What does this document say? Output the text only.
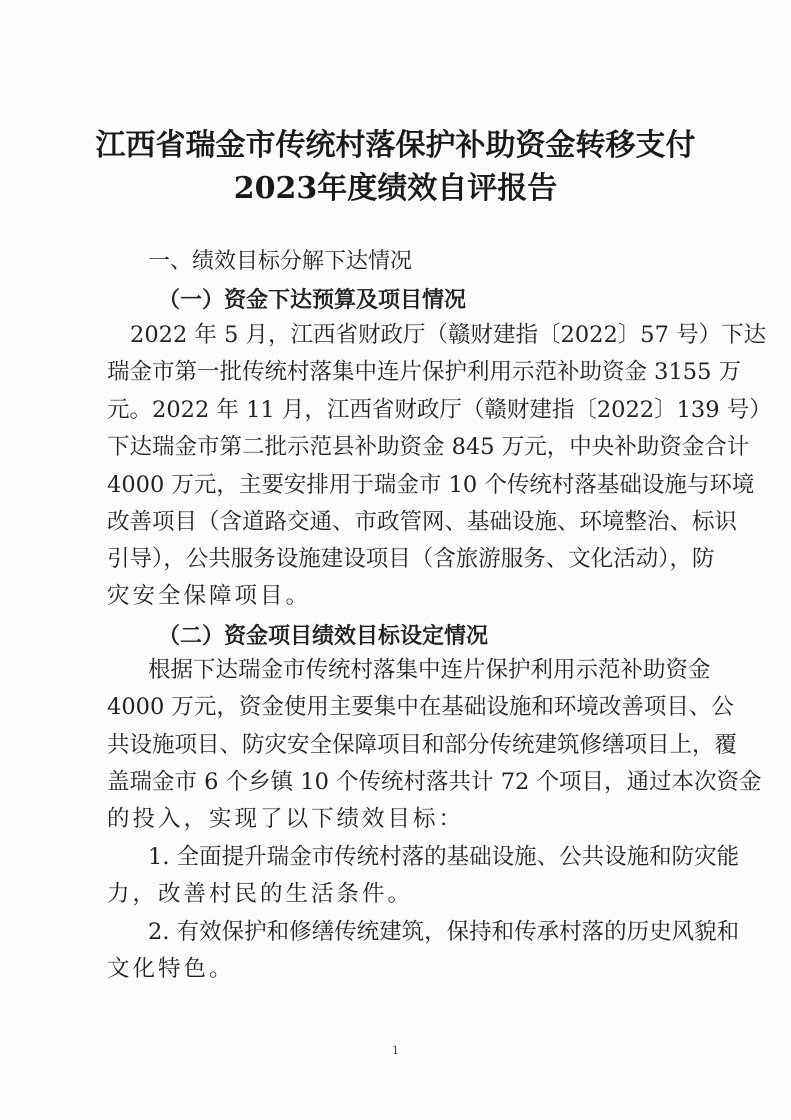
江西省瑞金市传统村落保护补助资金转移支付
2023年度绩效自评报告
一、绩效目标分解下达情况
（一）资金下达预算及项目情况
2022 年 5 月，江西省财政厅（赣财建指〔2022〕57 号）下达
瑞金市第一批传统村落集中连片保护利用示范补助资金 3155 万
元。2022 年 11 月，江西省财政厅（赣财建指〔2022〕139 号）
下达瑞金市第二批示范县补助资金 845 万元，中央补助资金合计
4000 万元，主要安排用于瑞金市 10 个传统村落基础设施与环境
改善项目（含道路交通、市政管网、基础设施、环境整治、标识
引导），公共服务设施建设项目（含旅游服务、文化活动），防
灾安全保障项目。
（二）资金项目绩效目标设定情况
根据下达瑞金市传统村落集中连片保护利用示范补助资金
4000 万元，资金使用主要集中在基础设施和环境改善项目、公
共设施项目、防灾安全保障项目和部分传统建筑修缮项目上，覆
盖瑞金市 6 个乡镇 10 个传统村落共计 72 个项目，通过本次资金
的投入，实现了以下绩效目标：
1. 全面提升瑞金市传统村落的基础设施、公共设施和防灾能
力，改善村民的生活条件。
2. 有效保护和修缮传统建筑，保持和传承村落的历史风貌和
文化特色。
1
